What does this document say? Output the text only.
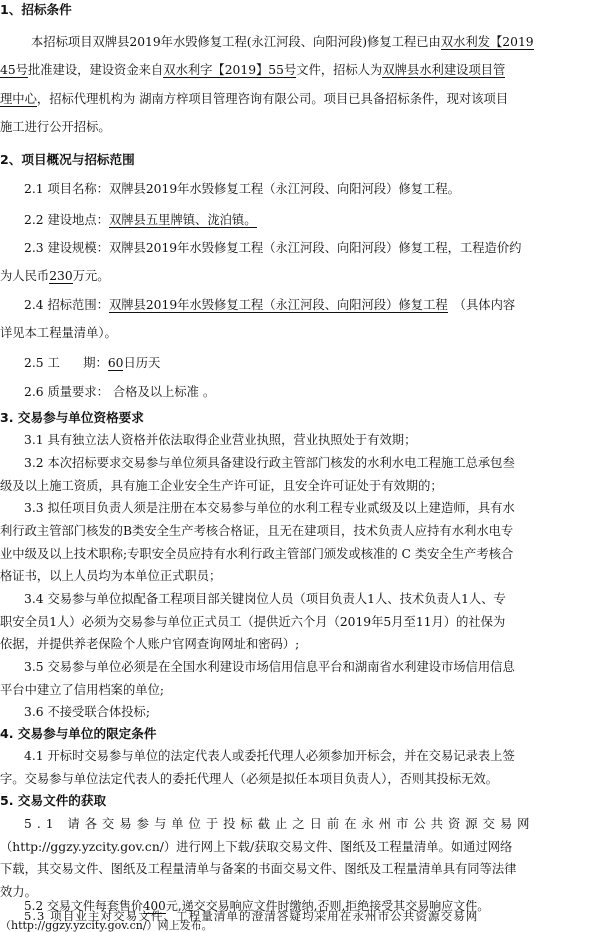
1、招标条件
本招标项目双牌县2019年水毁修复工程(永江河段、向阳河段)修复工程已由双水利发【2019
45号批准建设，建设资金来自双水利字【2019】55号文件，招标人为双牌县水利建设项目管
理中心，招标代理机构为 湖南方梓项目管理咨询有限公司。项目已具备招标条件，现对该项目
施工进行公开招标。
2、项目概况与招标范围
2.1 项目名称：双牌县2019年水毁修复工程（永江河段、向阳河段）修复工程。
2.2 建设地点：双牌县五里牌镇、泷泊镇。
2.3 建设规模：双牌县2019年水毁修复工程（永江河段、向阳河段）修复工程，工程造价约
为人民币230万元。
2.4 招标范围：双牌县2019年水毁修复工程（永江河段、向阳河段）修复工程 （具体内容
详见本工程量清单）。
2.5 工      期：60日历天
2.6 质量要求： 合格及以上标准 。
3. 交易参与单位资格要求
3.1 具有独立法人资格并依法取得企业营业执照，营业执照处于有效期；
3.2 本次招标要求交易参与单位须具备建设行政主管部门核发的水利水电工程施工总承包叁
级及以上施工资质，具有施工企业安全生产许可证，且安全许可证处于有效期的；
3.3 拟任项目负责人须是注册在本交易参与单位的水利工程专业贰级及以上建造师，具有水
利行政主管部门核发的B类安全生产考核合格证，且无在建项目，技术负责人应持有水利水电专
业中级及以上技术职称;专职安全员应持有水利行政主管部门颁发或核准的 C 类安全生产考核合
格证书，以上人员均为本单位正式职员；
3.4 交易参与单位拟配备工程项目部关键岗位人员（项目负责人1人、技术负责人1人、专
职安全员1人）必须为交易参与单位正式员工（提供近六个月（2019年5月至11月）的社保为
依据，并提供养老保险个人账户官网查询网址和密码）;
3.5 交易参与单位必须是在全国水利建设市场信用信息平台和湖南省水利建设市场信用信息
平台中建立了信用档案的单位;
3.6 不接受联合体投标;
4. 交易参与单位的限定条件
4.1 开标时交易参与单位的法定代表人或委托代理人必须参加开标会，并在交易记录表上签
字。交易参与单位法定代表人的委托代理人（必须是拟任本项目负责人），否则其投标无效。
5. 交易文件的获取
5.1 请各交易参与单位于投标截止之日前在永州市公共资源交易网
（http://ggzy.yzcity.gov.cn/）进行网上下载/获取交易文件、图纸及工程量清单。如通过网络
下载，其交易文件、图纸及工程量清单与备案的书面交易文件、图纸及工程量清单具有同等法律
效力。
5.2 交易文件每套售价400元,递交交易响应文件时缴纳,否则,拒绝接受其交易响应文件。
5.3 项目业主对交易文件、工程量清单的澄清答疑均采用在永州市公共资源交易网
（http://ggzy.yzcity.gov.cn/）网上发布。
